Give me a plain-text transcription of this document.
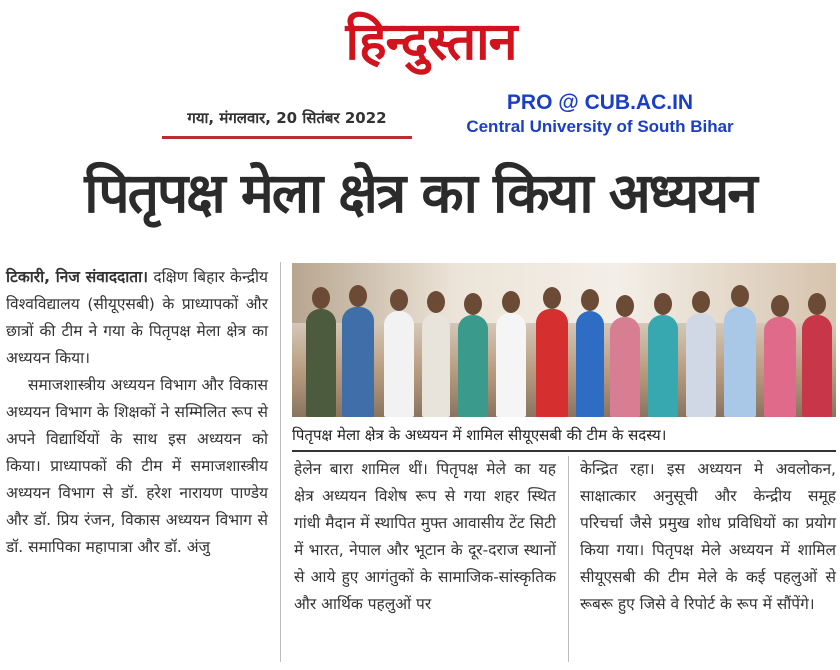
हिन्दुस्तान
गया, मंगलवार, 20 सितंबर 2022
PRO @ CUB.AC.IN
Central University of South Bihar
पितृपक्ष मेला क्षेत्र का किया अध्ययन

टिकारी, निज संवाददाता। दक्षिण बिहार केन्द्रीय विश्वविद्यालय (सीयूएसबी) के प्राध्यापकों और छात्रों की टीम ने गया के पितृपक्ष मेला क्षेत्र का अध्ययन किया।

समाजशास्त्रीय अध्ययन विभाग और विकास अध्ययन विभाग के शिक्षकों ने सम्मिलित रूप से अपने विद्यार्थियों के साथ इस अध्ययन को किया। प्राध्यापकों की टीम में समाजशास्त्रीय अध्ययन विभाग से डॉ. हरेश नारायण पाण्डेय और डॉ. प्रिय रंजन, विकास अध्ययन विभाग से डॉ. समापिका महापात्रा और डॉ. अंजु

पितृपक्ष मेला क्षेत्र के अध्ययन में शामिल सीयूएसबी की टीम के सदस्य।
हेलेन बारा शामिल थीं। पितृपक्ष मेले का यह क्षेत्र अध्ययन विशेष रूप से गया शहर स्थित गांधी मैदान में स्थापित मुफ्त आवासीय टेंट सिटी में भारत, नेपाल और भूटान के दूर-दराज स्थानों से आये हुए आगंतुकों के सामाजिक-सांस्कृतिक और आर्थिक पहलुओं पर
केन्द्रित रहा। इस अध्ययन मे अवलोकन, साक्षात्कार अनुसूची और केन्द्रीय समूह परिचर्चा जैसे प्रमुख शोध प्रविधियों का प्रयोग किया गया। पितृपक्ष मेले अध्ययन में शामिल सीयूएसबी की टीम मेले के कई पहलुओं से रूबरू हुए जिसे वे रिपोर्ट के रूप में सौंपेंगे।
